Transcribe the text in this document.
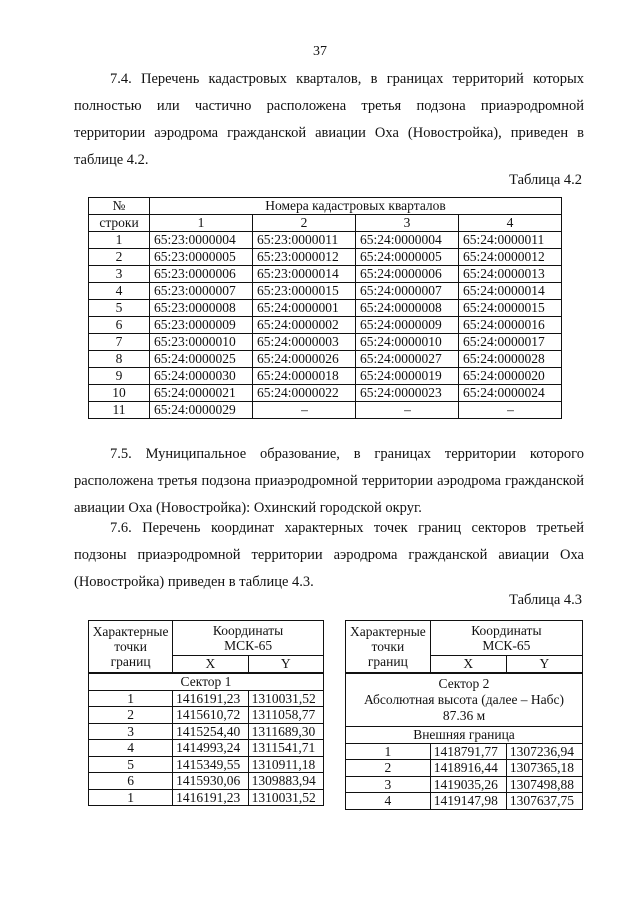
37
7.4. Перечень кадастровых кварталов, в границах территорий которых
полностью или частично расположена третья подзона приаэродромной
территории аэродрома гражданской авиации Оха (Новостройка), приведен в
таблице 4.2.
Таблица 4.2
№	Номера кадастровых кварталов			
строки	1	2	3	4
1	65:23:0000004	65:23:0000011	65:24:0000004	65:24:0000011
2	65:23:0000005	65:23:0000012	65:24:0000005	65:24:0000012
3	65:23:0000006	65:23:0000014	65:24:0000006	65:24:0000013
4	65:23:0000007	65:23:0000015	65:24:0000007	65:24:0000014
5	65:23:0000008	65:24:0000001	65:24:0000008	65:24:0000015
6	65:23:0000009	65:24:0000002	65:24:0000009	65:24:0000016
7	65:23:0000010	65:24:0000003	65:24:0000010	65:24:0000017
8	65:24:0000025	65:24:0000026	65:24:0000027	65:24:0000028
9	65:24:0000030	65:24:0000018	65:24:0000019	65:24:0000020
10	65:24:0000021	65:24:0000022	65:24:0000023	65:24:0000024
11	65:24:0000029	–	–	–
7.5. Муниципальное образование, в границах территории которого
расположена третья подзона приаэродромной территории аэродрома гражданской
авиации Оха (Новостройка): Охинский городской округ.
7.6. Перечень координат характерных точек границ секторов третьей
подзоны приаэродромной территории аэродрома гражданской авиации Оха
(Новостройка) приведен в таблице 4.3.
Таблица 4.3
Характерные
точки
границ	Координаты
МСК-65	
	X	Y
Сектор 1		
1	1416191,23	1310031,52
2	1415610,72	1311058,77
3	1415254,40	1311689,30
4	1414993,24	1311541,71
5	1415349,55	1310911,18
6	1415930,06	1309883,94
1	1416191,23	1310031,52
Характерные
точки
границ	Координаты
МСК-65	
	X	Y
Сектор 2
Абсолютная высота (далее – Набс)
87.36 м		
Внешняя граница		
1	1418791,77	1307236,94
2	1418916,44	1307365,18
3	1419035,26	1307498,88
4	1419147,98	1307637,75
